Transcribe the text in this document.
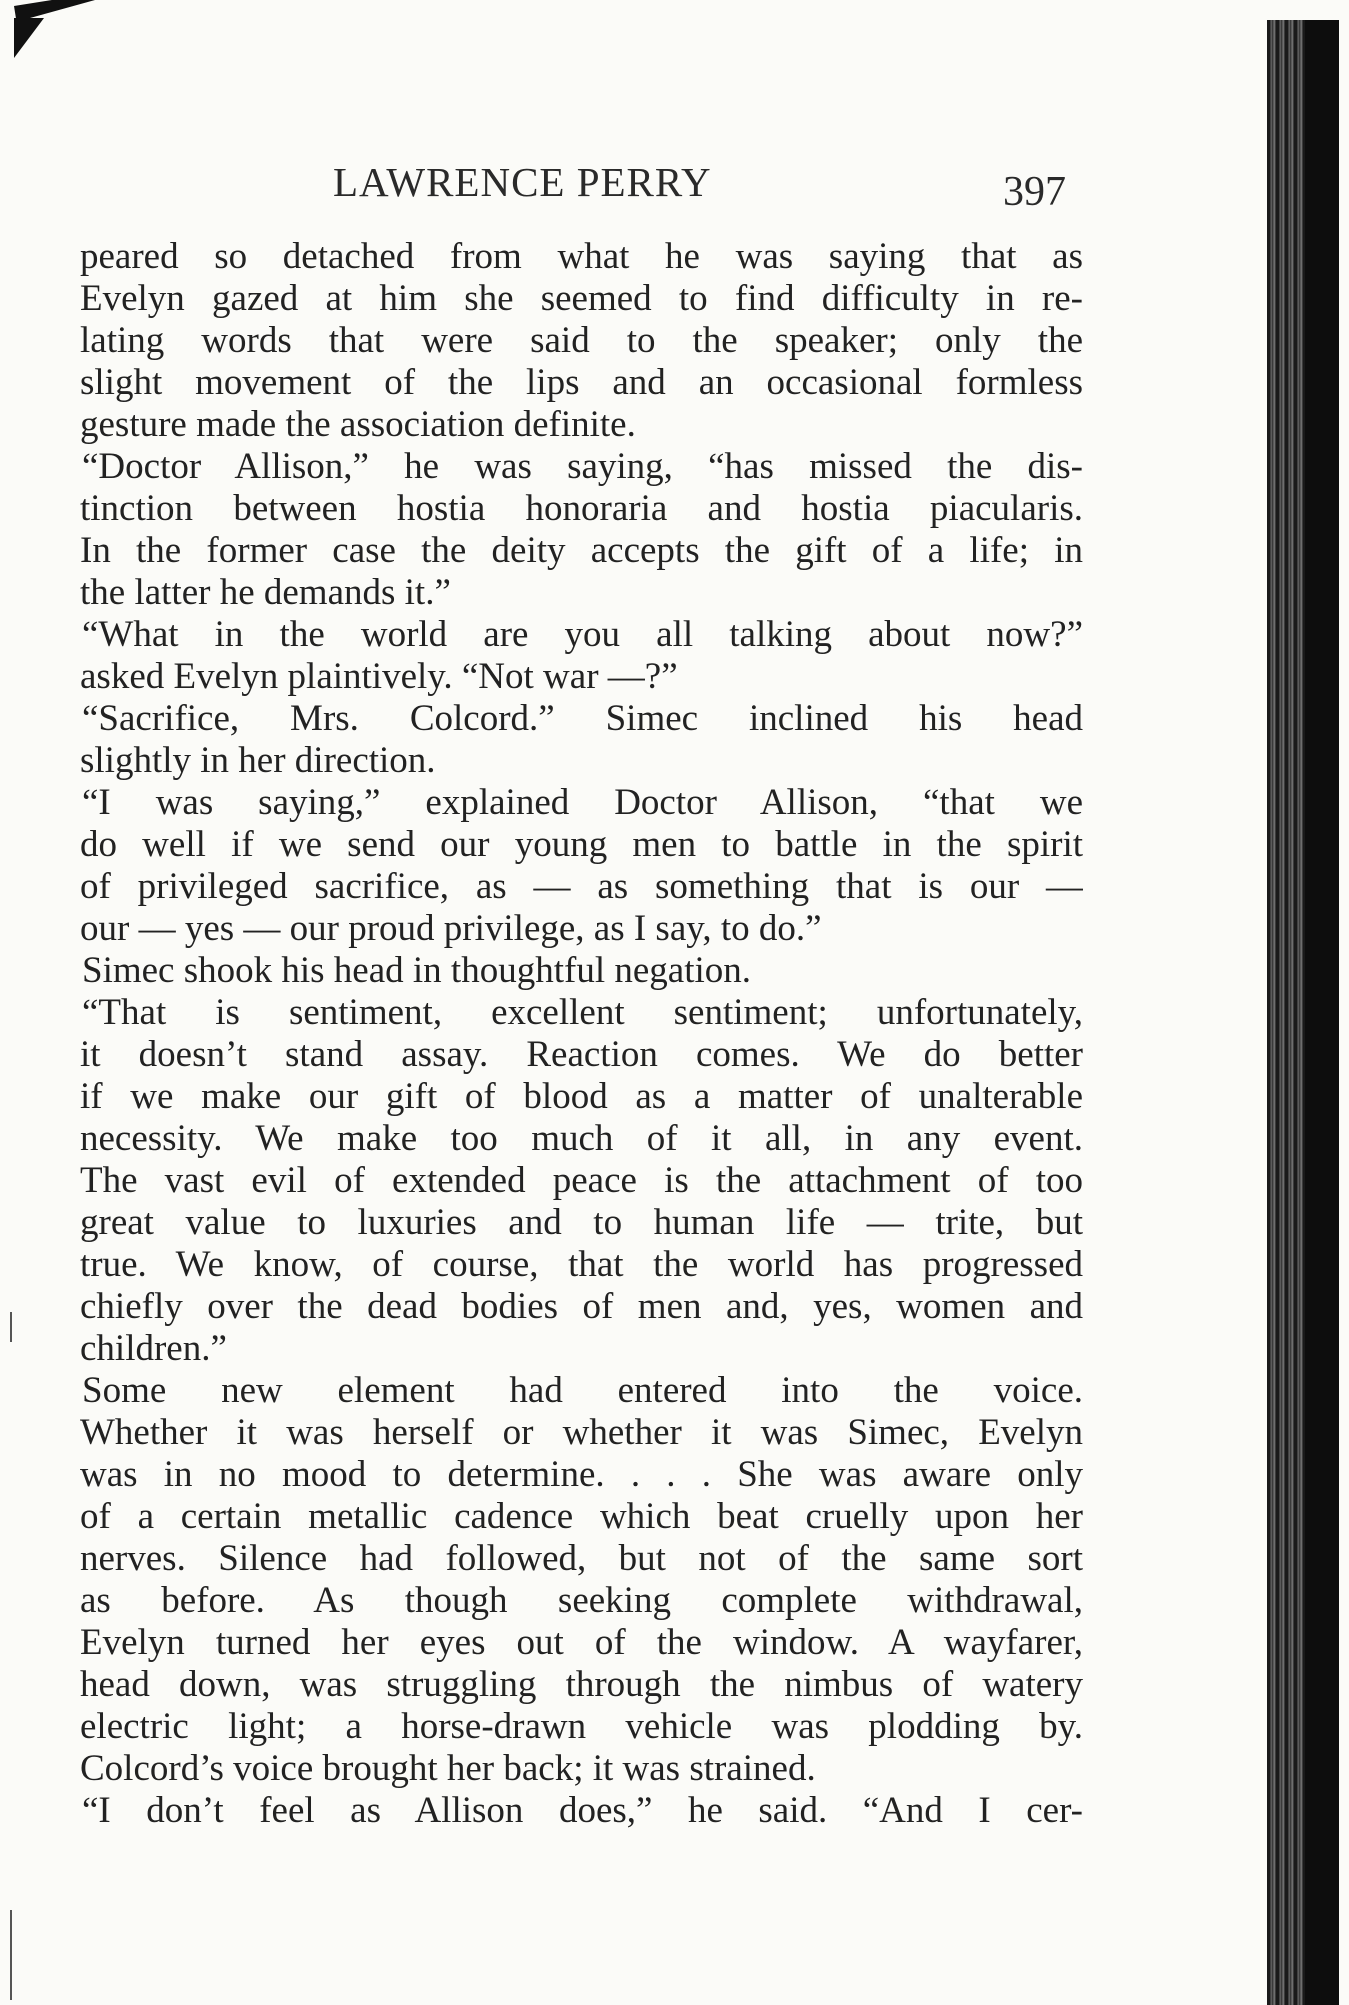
LAWRENCE PERRY	397
peared so detached from what he was saying that as
Evelyn gazed at him she seemed to find difficulty in re-
lating words that were said to the speaker; only the
slight movement of the lips and an occasional formless
gesture made the association definite.
“Doctor Allison,” he was saying, “has missed the dis-
tinction between hostia honoraria and hostia piacularis.
In the former case the deity accepts the gift of a life; in
the latter he demands it.”
“What in the world are you all talking about now?”
asked Evelyn plaintively. “Not war —?”
“Sacrifice, Mrs. Colcord.” Simec inclined his head
slightly in her direction.
“I was saying,” explained Doctor Allison, “that we
do well if we send our young men to battle in the spirit
of privileged sacrifice, as — as something that is our —
our — yes — our proud privilege, as I say, to do.”
Simec shook his head in thoughtful negation.
“That is sentiment, excellent sentiment; unfortunately,
it doesn’t stand assay. Reaction comes. We do better
if we make our gift of blood as a matter of unalterable
necessity. We make too much of it all, in any event.
The vast evil of extended peace is the attachment of too
great value to luxuries and to human life — trite, but
true. We know, of course, that the world has progressed
chiefly over the dead bodies of men and, yes, women and
children.”
Some new element had entered into the voice.
Whether it was herself or whether it was Simec, Evelyn
was in no mood to determine. . . . She was aware only
of a certain metallic cadence which beat cruelly upon her
nerves. Silence had followed, but not of the same sort
as before. As though seeking complete withdrawal,
Evelyn turned her eyes out of the window. A wayfarer,
head down, was struggling through the nimbus of watery
electric light; a horse-drawn vehicle was plodding by.
Colcord’s voice brought her back; it was strained.
“I don’t feel as Allison does,” he said. “And I cer-
